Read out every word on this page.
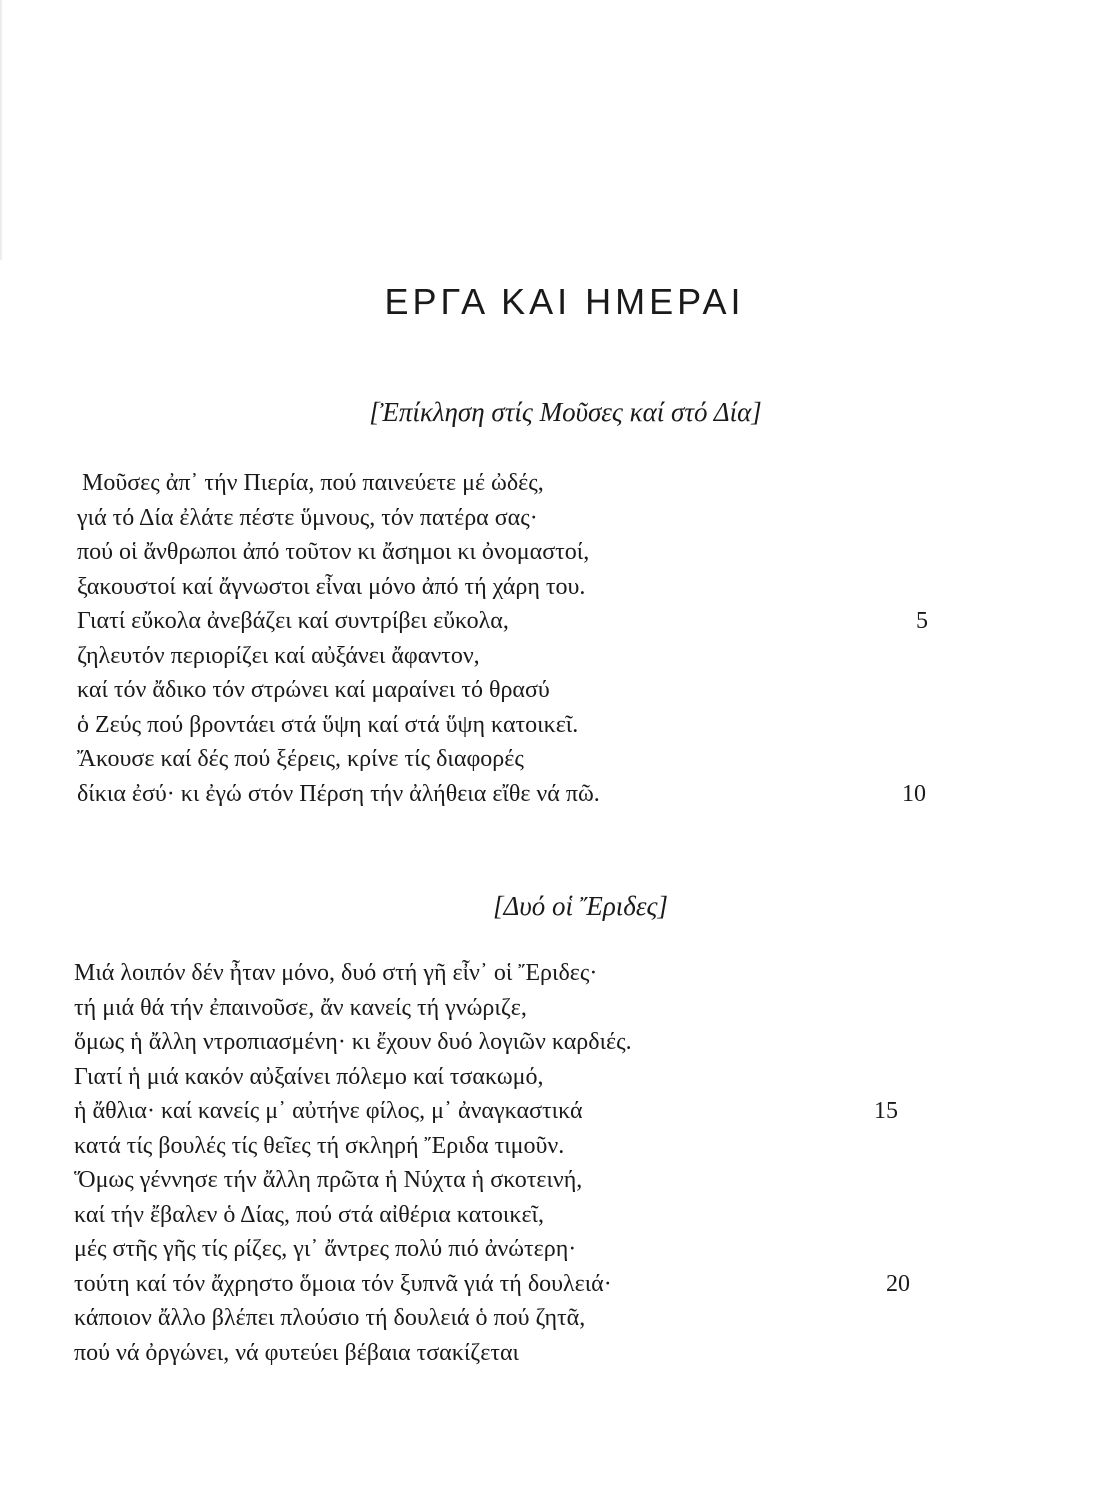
ΕΡΓΑ ΚΑΙ ΗΜΕΡΑΙ
[Ἐπίκληση στίς Μοῦσες καί στό Δία]
Μοῦσες ἀπ᾽ τήν Πιερία, πού παινεύετε μέ ὠδές,
γιά τό Δία ἐλάτε πέστε ὕμνους, τόν πατέρα σας·
πού οἱ ἄνθρωποι ἀπό τοῦτον κι ἄσημοι κι ὀνομαστοί,
ξακουστοί καί ἄγνωστοι εἶναι μόνο ἀπό τή χάρη του.
Γιατί εὔκολα ἀνεβάζει καί συντρίβει εὔκολα,	5
ζηλευτόν περιορίζει καί αὐξάνει ἄφαντον,
καί τόν ἄδικο τόν στρώνει καί μαραίνει τό θρασύ
ὁ Ζεύς πού βροντάει στά ὕψη καί στά ὕψη κατοικεῖ.
Ἄκουσε καί δές πού ξέρεις, κρίνε τίς διαφορές
δίκια ἐσύ· κι ἐγώ στόν Πέρση τήν ἀλήθεια εἴθε νά πῶ.	10
[Δυό οἱ Ἔριδες]
Μιά λοιπόν δέν ἦταν μόνο, δυό στή γῆ εἶν᾽ οἱ Ἔριδες·
τή μιά θά τήν ἐπαινοῦσε, ἄν κανείς τή γνώριζε,
ὅμως ἡ ἄλλη ντροπιασμένη· κι ἔχουν δυό λογιῶν καρδιές.
Γιατί ἡ μιά κακόν αὐξαίνει πόλεμο καί τσακωμό,
ἡ ἄθλια· καί κανείς μ᾽ αὐτήνε φίλος, μ᾽ ἀναγκαστικά	15
κατά τίς βουλές τίς θεῖες τή σκληρή Ἔριδα τιμοῦν.
Ὅμως γέννησε τήν ἄλλη πρῶτα ἡ Νύχτα ἡ σκοτεινή,
καί τήν ἔβαλεν ὁ Δίας, πού στά αἰθέρια κατοικεῖ,
μές στῆς γῆς τίς ρίζες, γι᾽ ἄντρες πολύ πιό ἀνώτερη·
τούτη καί τόν ἄχρηστο ὅμοια τόν ξυπνᾶ γιά τή δουλειά·	20
κάποιον ἄλλο βλέπει πλούσιο τή δουλειά ὁ πού ζητᾶ,
πού νά ὀργώνει, νά φυτεύει βέβαια τσακίζεται
